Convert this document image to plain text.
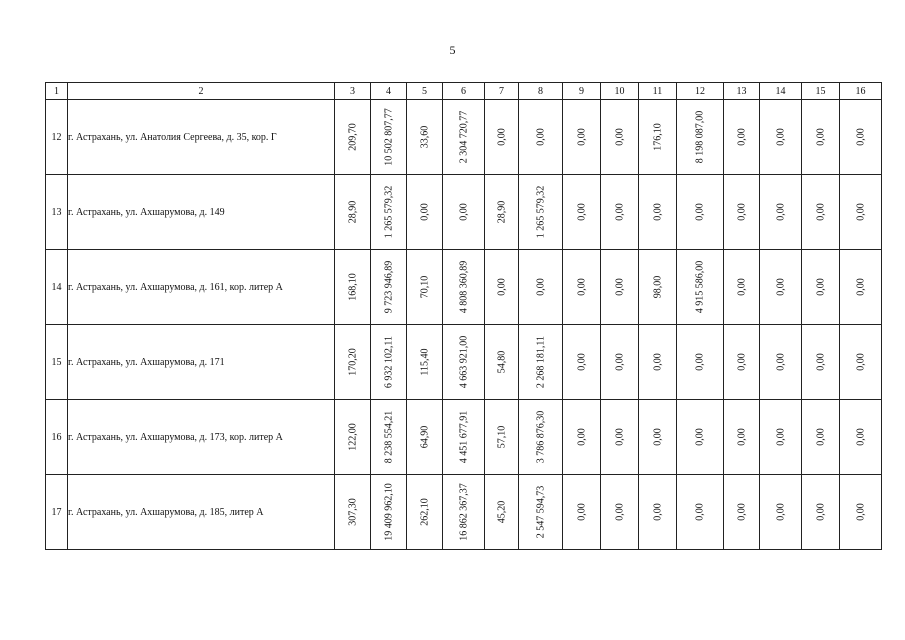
5
1	2	3	4	5	6	7	8	9	10	11	12	13	14	15	16
12	г. Астрахань, ул. Анатолия Сергеева, д. 35, кор. Г	209,70	10 502 807,77	33,60	2 304 720,77	0,00	0,00	0,00	0,00	176,10	8 198 087,00	0,00	0,00	0,00	0,00

13	г. Астрахань, ул. Ахшарумова, д. 149	28,90	1 265 579,32	0,00	0,00	28,90	1 265 579,32	0,00	0,00	0,00	0,00	0,00	0,00	0,00	0,00

14	г. Астрахань, ул. Ахшарумова, д. 161, кор. литер А	168,10	9 723 946,89	70,10	4 808 360,89	0,00	0,00	0,00	0,00	98,00	4 915 586,00	0,00	0,00	0,00	0,00

15	г. Астрахань, ул. Ахшарумова, д. 171	170,20	6 932 102,11	115,40	4 663 921,00	54,80	2 268 181,11	0,00	0,00	0,00	0,00	0,00	0,00	0,00	0,00

16	г. Астрахань, ул. Ахшарумова, д. 173, кор. литер А	122,00	8 238 554,21	64,90	4 451 677,91	57,10	3 786 876,30	0,00	0,00	0,00	0,00	0,00	0,00	0,00	0,00

17	г. Астрахань, ул. Ахшарумова, д. 185, литер А	307,30	19 409 962,10	262,10	16 862 367,37	45,20	2 547 594,73	0,00	0,00	0,00	0,00	0,00	0,00	0,00	0,00
